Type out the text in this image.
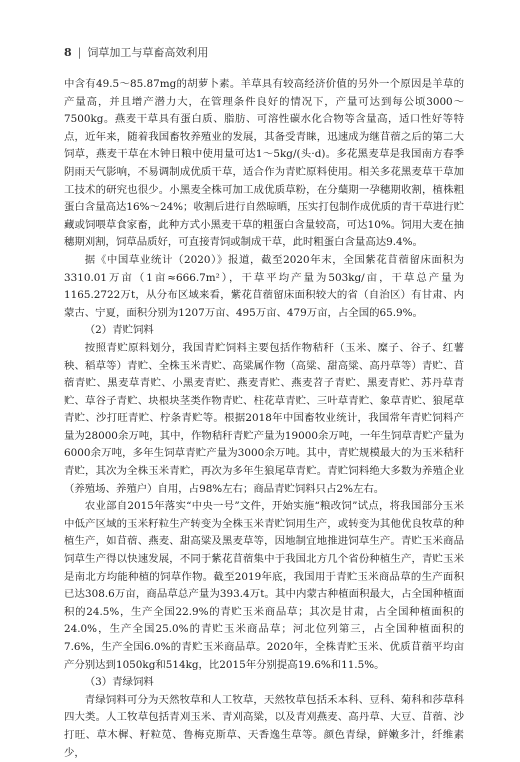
8 | 饲草加工与草畜高效利用

中含有49.5～85.87mg的胡萝卜素。羊草具有较高经济价值的另外一个原因是羊草的产量高，并且增产潜力大，在管理条件良好的情况下，产量可达到每公顷3000～7500kg。燕麦干草具有蛋白质、脂肪、可溶性碳水化合物等含量高，适口性好等特点，近年来，随着我国畜牧养殖业的发展，其备受青睐，迅速成为继苜蓿之后的第二大饲草，燕麦干草在木钟日粮中使用量可达1～5kg/(头·d)。多花黑麦草是我国南方春季阴雨天气影响，不易调制成优质干草，适合作为青贮原料使用。相关多花黑麦草干草加工技术的研究也很少。小黑麦全株可加工成优质草粉，在分蘖期一孕穗期收割，植株粗蛋白含量高达16%～24%；收割后进行自然晾晒，压实打包制作成优质的青干草进行贮藏或饲喂草食家畜，此种方式小黑麦干草的粗蛋白含量较高，可达10%。饲用大麦在抽穗期刈割，饲草品质好，可直接青饲或制成干草，此时粗蛋白含量高达9.4%。

据《中国草业统计（2020）》报道，截至2020年末，全国紫花苜蓿留床面积为3310.01万亩（1亩≈666.7m²），干草平均产量为503kg/亩，干草总产量为1165.2722万t，从分布区域来看，紫花苜蓿留床面积较大的省（自治区）有甘肃、内蒙古、宁夏，面积分别为1207万亩、495万亩、479万亩，占全国的65.9%。

（2）青贮饲料

按照青贮原料划分，我国青贮饲料主要包括作物秸秆（玉米、糜子、谷子、红薯秧、稻草等）青贮、全株玉米青贮、高粱属作物（高粱、甜高粱、高丹草等）青贮、苜蓿青贮、黑麦草青贮、小黑麦青贮、燕麦青贮、燕麦苕子青贮、黑麦青贮、苏丹草青贮、草谷子青贮、块根块茎类作物青贮、柱花草青贮、三叶草青贮、象草青贮、狼尾草青贮、沙打旺青贮、柠条青贮等。根据2018年中国畜牧业统计，我国常年青贮饲料产量为28000余万吨，其中，作物秸秆青贮产量为19000余万吨，一年生饲草青贮产量为6000余万吨，多年生饲草青贮产量为3000余万吨。其中，青贮规模最大的为玉米秸秆青贮，其次为全株玉米青贮，再次为多年生狼尾草青贮。青贮饲料绝大多数为养殖企业（养殖场、养殖户）自用，占98%左右；商品青贮饲料只占2%左右。

农业部自2015年落实“中央一号”文件，开始实施“粮改饲”试点，将我国部分玉米中低产区域的玉米籽粒生产转变为全株玉米青贮饲用生产，或转变为其他优良牧草的种植生产，如苜蓿、燕麦、甜高粱及黑麦草等，因地制宜地推进饲草生产。青贮玉米商品饲草生产得以快速发展，不同于紫花苜蓿集中于我国北方几个省份种植生产，青贮玉米是南北方均能种植的饲草作物。截至2019年底，我国用于青贮玉米商品草的生产面积已达308.6万亩，商品草总产量为393.4万t。其中内蒙古种植面积最大，占全国种植面积的24.5%，生产全国22.9%的青贮玉米商品草；其次是甘肃，占全国种植面积的24.0%，生产全国25.0%的青贮玉米商品草；河北位列第三，占全国种植面积的7.6%，生产全国6.0%的青贮玉米商品草。2020年，全株青贮玉米、优质苜蓿平均亩产分别达到1050kg和514kg，比2015年分别提高19.6%和11.5%。

（3）青绿饲料

青绿饲料可分为天然牧草和人工牧草，天然牧草包括禾本科、豆科、菊科和莎草科四大类。人工牧草包括青刈玉米、青刈高粱，以及青刈燕麦、高丹草、大豆、苜蓿、沙打旺、草木樨、籽粒苋、鲁梅克斯草、天香逸生草等。颜色青绿，鲜嫩多汁，纤维素少，
